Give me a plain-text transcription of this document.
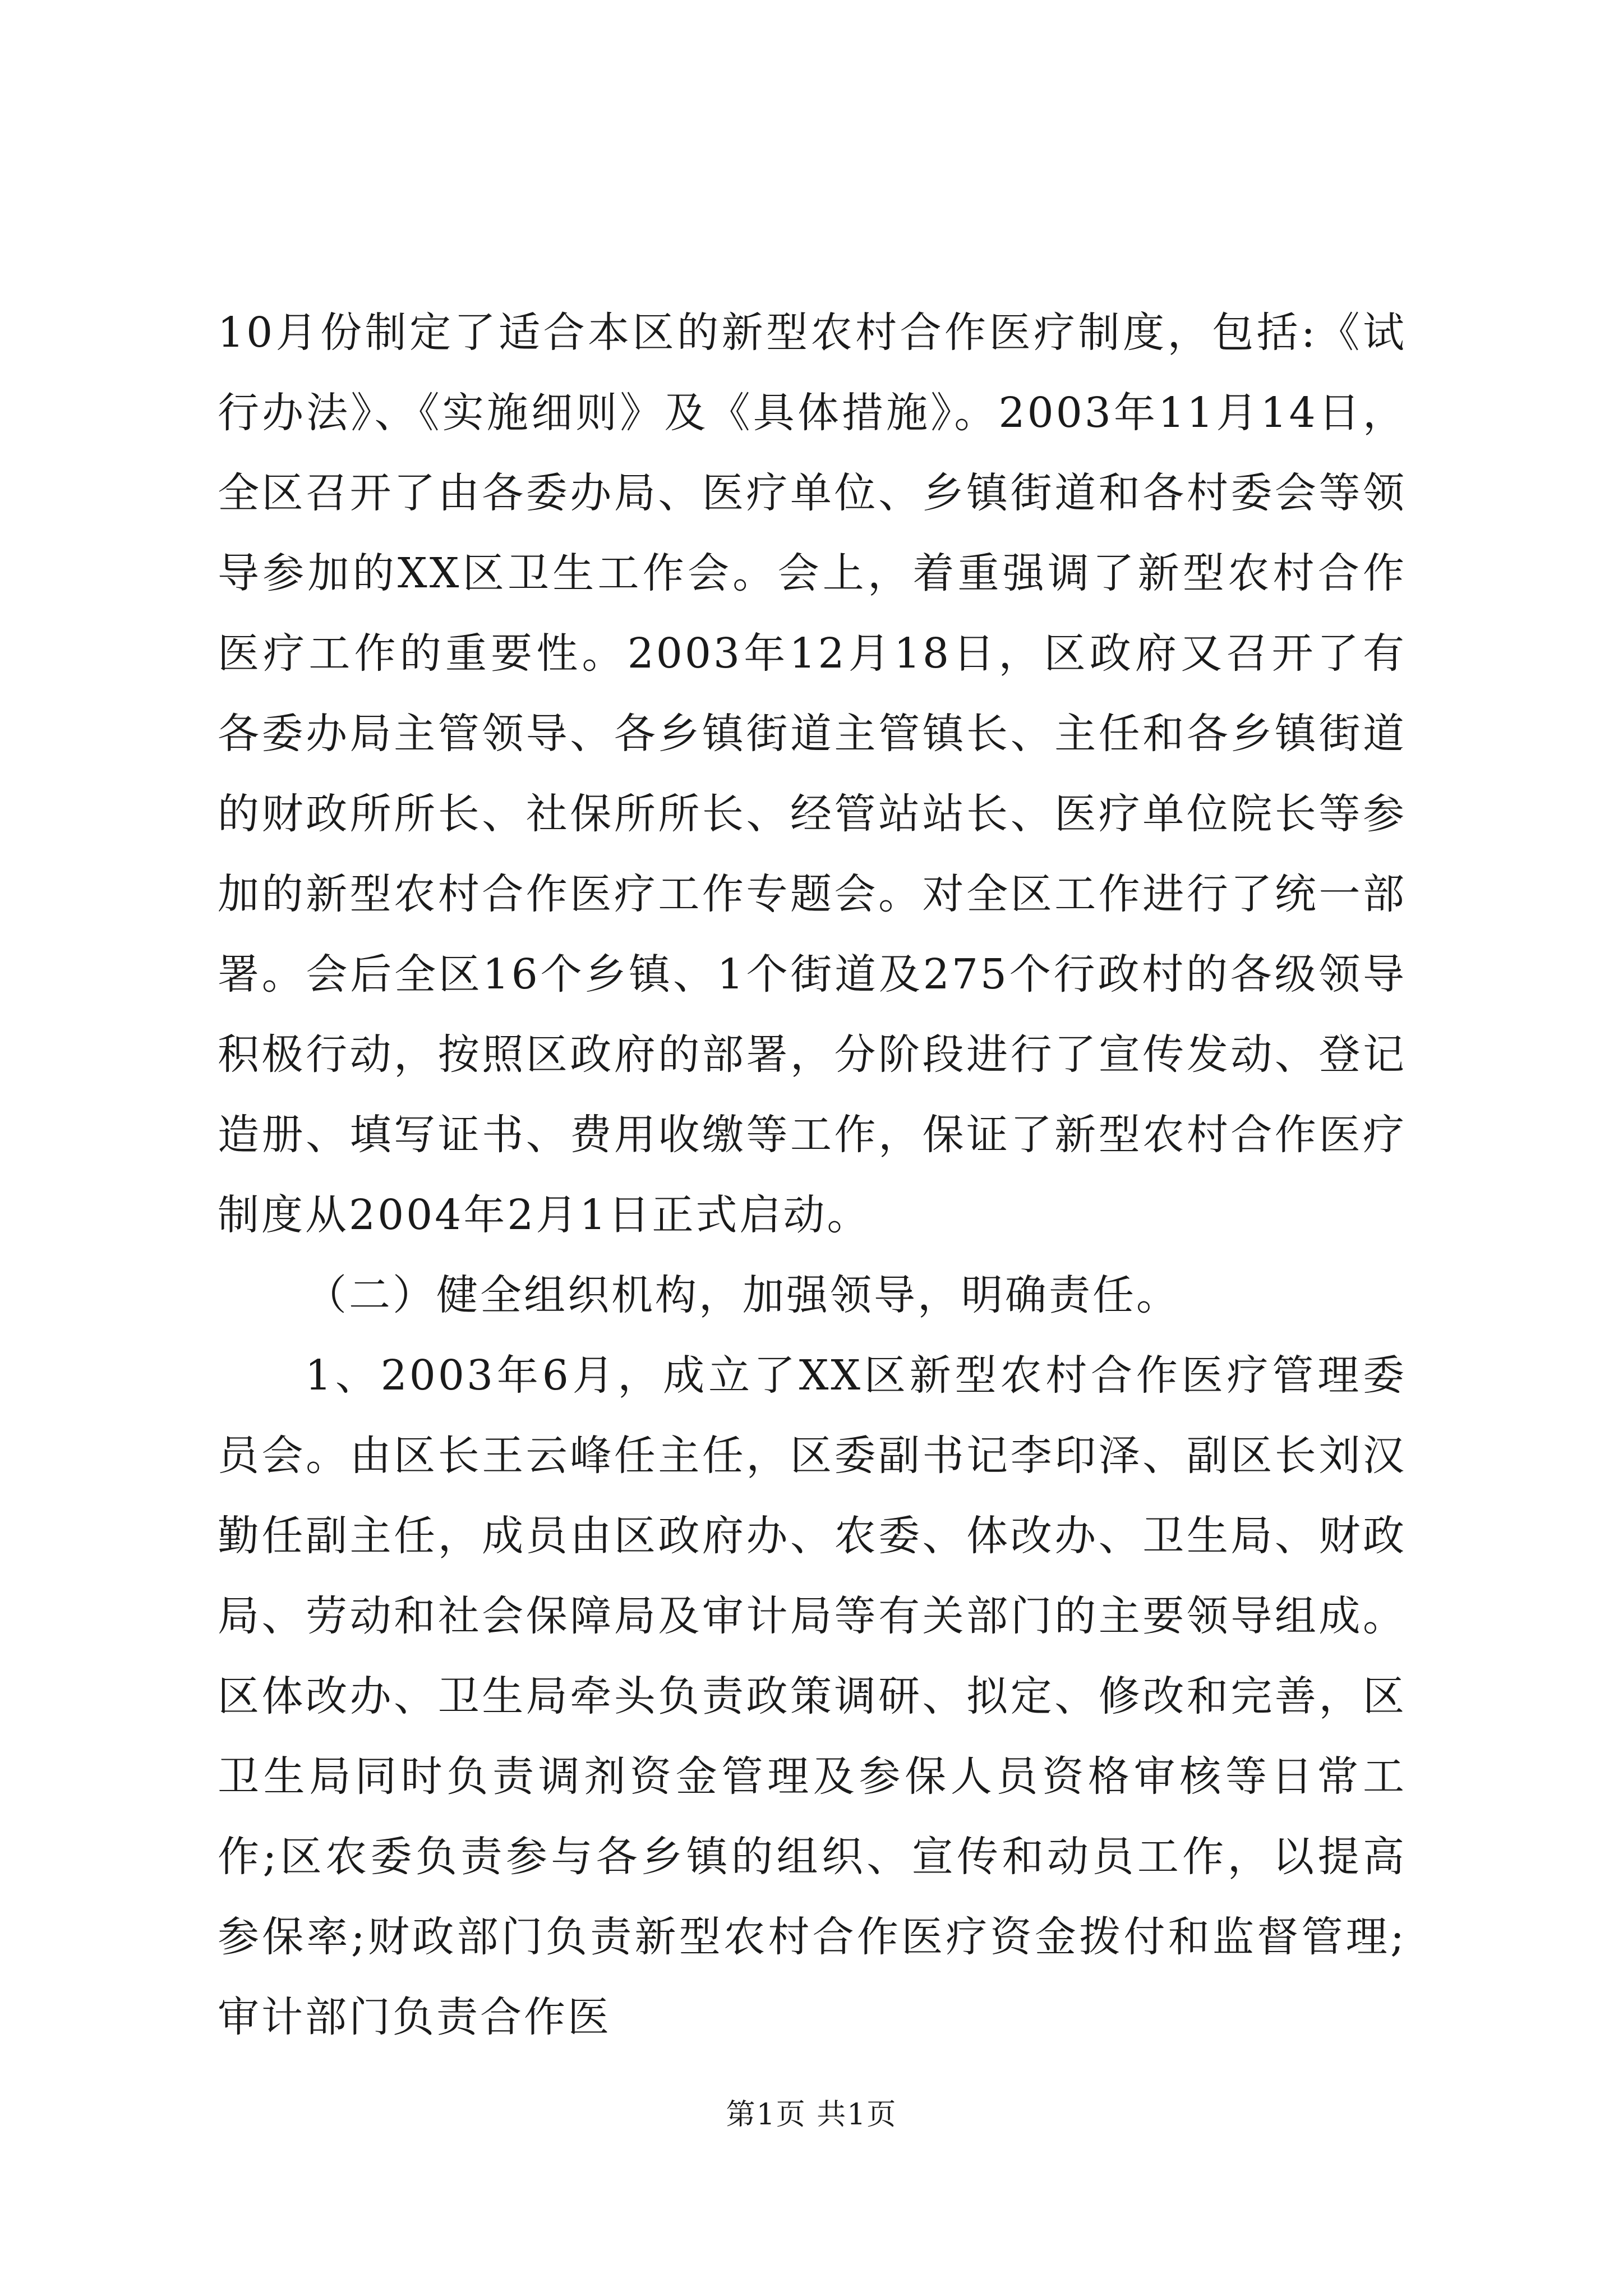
10月份制定了适合本区的新型农村合作医疗制度，包括:《试行办法》、《实施细则》及《具体措施》。2003年11月14日，全区召开了由各委办局、医疗单位、乡镇街道和各村委会等领导参加的XX区卫生工作会。会上，着重强调了新型农村合作医疗工作的重要性。2003年12月18日，区政府又召开了有各委办局主管领导、各乡镇街道主管镇长、主任和各乡镇街道的财政所所长、社保所所长、经管站站长、医疗单位院长等参加的新型农村合作医疗工作专题会。对全区工作进行了统一部署。会后全区16个乡镇、1个街道及275个行政村的各级领导积极行动，按照区政府的部署，分阶段进行了宣传发动、登记造册、填写证书、费用收缴等工作，保证了新型农村合作医疗制度从2004年2月1日正式启动。

（二）健全组织机构，加强领导，明确责任。

1、2003年6月，成立了XX区新型农村合作医疗管理委员会。由区长王云峰任主任，区委副书记李印泽、副区长刘汉勤任副主任，成员由区政府办、农委、体改办、卫生局、财政局、劳动和社会保障局及审计局等有关部门的主要领导组成。区体改办、卫生局牵头负责政策调研、拟定、修改和完善，区卫生局同时负责调剂资金管理及参保人员资格审核等日常工作;区农委负责参与各乡镇的组织、宣传和动员工作，以提高参保率;财政部门负责新型农村合作医疗资金拨付和监督管理;审计部门负责合作医

第1页 共1页
